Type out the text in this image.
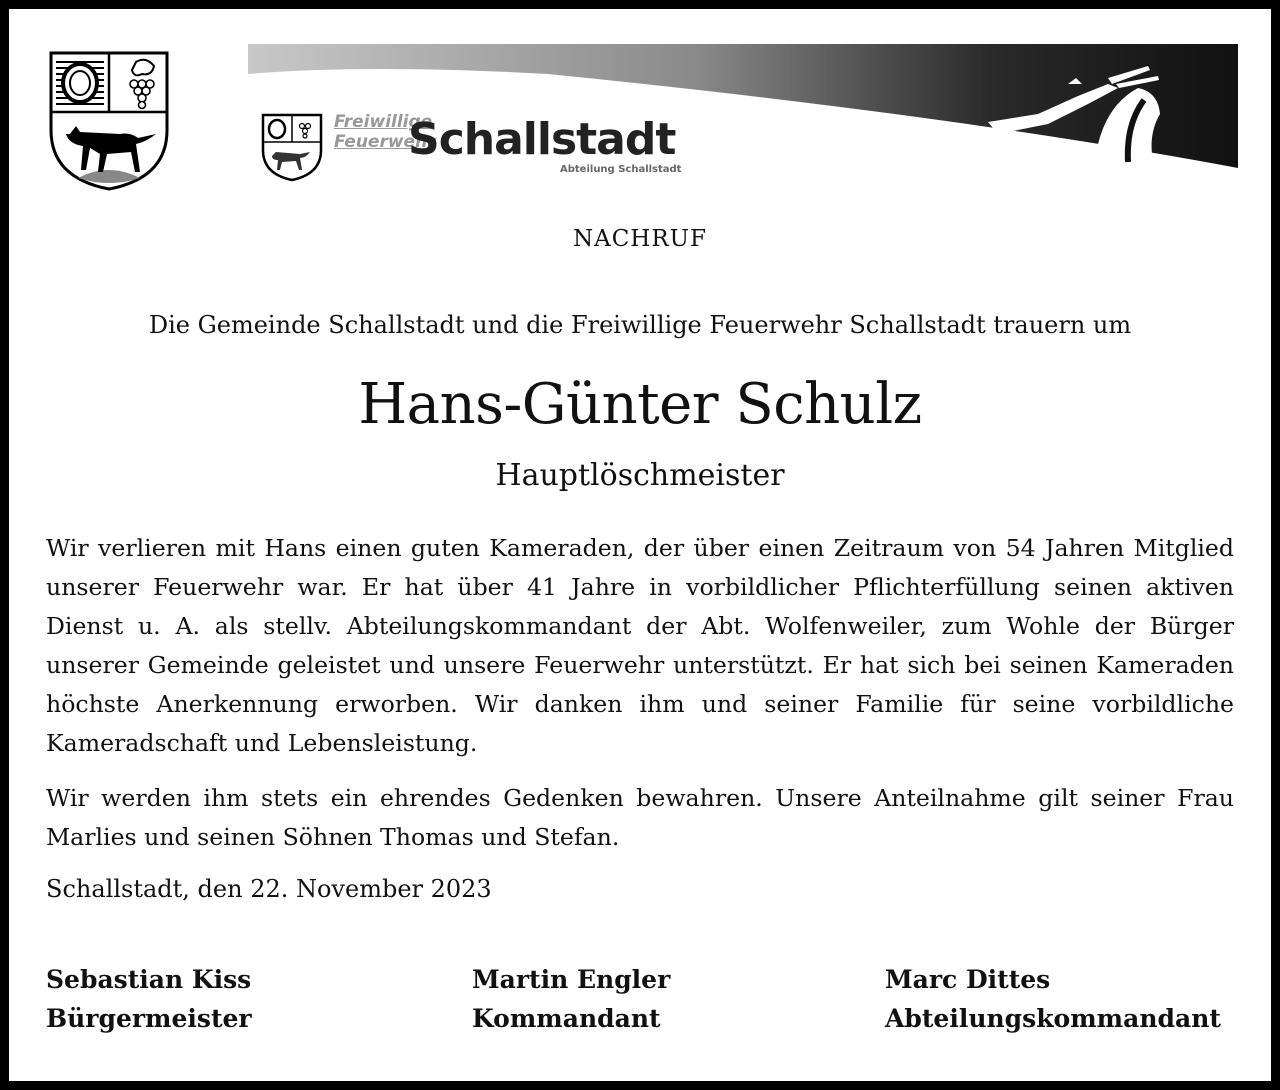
Freiwillige
Feuerwehr
Schallstadt
Abteilung Schallstadt
NACHRUF
Die Gemeinde Schallstadt und die Freiwillige Feuerwehr Schallstadt trauern um
Hans-Günter Schulz
Hauptlöschmeister
Wir verlieren mit Hans einen guten Kameraden, der über einen Zeitraum von 54 Jahren Mitglied unserer Feuerwehr war. Er hat über 41 Jahre in vorbildlicher Pflichterfüllung seinen aktiven Dienst u. A. als stellv. Abteilungskommandant der Abt. Wolfenweiler, zum Wohle der Bürger unserer Gemeinde geleistet und unsere Feuerwehr unterstützt. Er hat sich bei seinen Kameraden höchste Anerkennung erworben. Wir danken ihm und seiner Familie für seine vorbildliche Kameradschaft und Lebensleistung.
Wir werden ihm stets ein ehrendes Gedenken bewahren. Unsere Anteilnahme gilt seiner Frau Marlies und seinen Söhnen Thomas und Stefan.
Schallstadt, den 22. November 2023
Sebastian Kiss
Bürgermeister
Martin Engler
Kommandant
Marc Dittes
Abteilungskommandant
